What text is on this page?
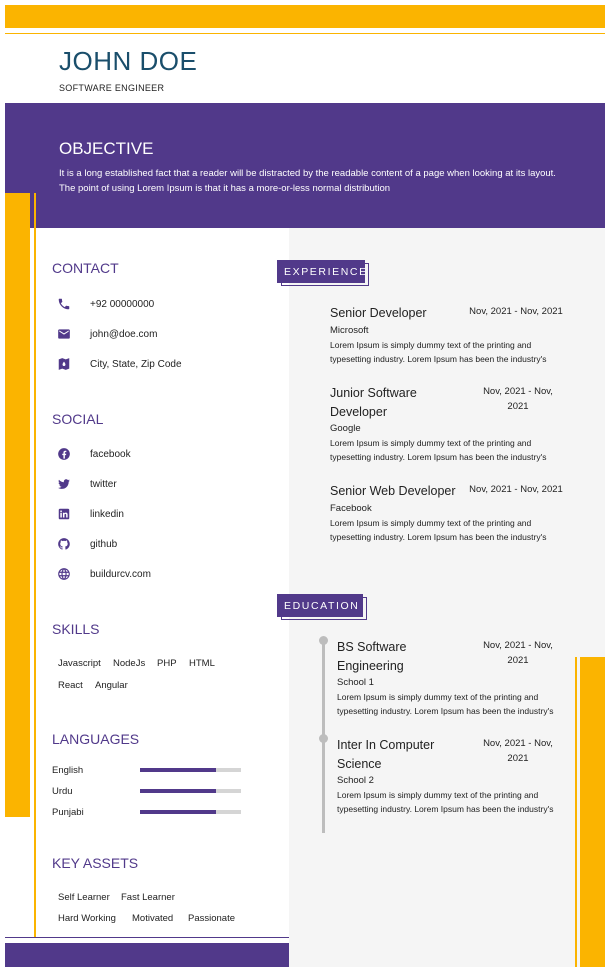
JOHN DOE
SOFTWARE ENGINEER
OBJECTIVE
It is a long established fact that a reader will be distracted by the readable content of a page when looking at its layout.
The point of using Lorem Ipsum is that it has a more-or-less normal distribution
CONTACT
+92 00000000
john@doe.com
City, State, Zip Code
SOCIAL
facebook
twitter
linkedin
github
buildurcv.com
SKILLS
Javascript NodeJs PHP HTML
React Angular
LANGUAGES
English
Urdu
Punjabi
KEY ASSETS
Self Learner Fast Learner
Hard Working Motivated Passionate
EXPERIENCE
Senior Developer	Nov, 2021 - Nov, 2021
Microsoft
Lorem Ipsum is simply dummy text of the printing and
typesetting industry. Lorem Ipsum has been the industry's
Junior Software
Developer
Nov, 2021 - Nov,
2021
Google
Lorem Ipsum is simply dummy text of the printing and
typesetting industry. Lorem Ipsum has been the industry's
Senior Web Developer	Nov, 2021 - Nov, 2021
Facebook
Lorem Ipsum is simply dummy text of the printing and
typesetting industry. Lorem Ipsum has been the industry's
EDUCATION
BS Software
Engineering
Nov, 2021 - Nov,
2021
School 1
Lorem Ipsum is simply dummy text of the printing and
typesetting industry. Lorem Ipsum has been the industry's
Inter In Computer
Science
Nov, 2021 - Nov,
2021
School 2
Lorem Ipsum is simply dummy text of the printing and
typesetting industry. Lorem Ipsum has been the industry's
